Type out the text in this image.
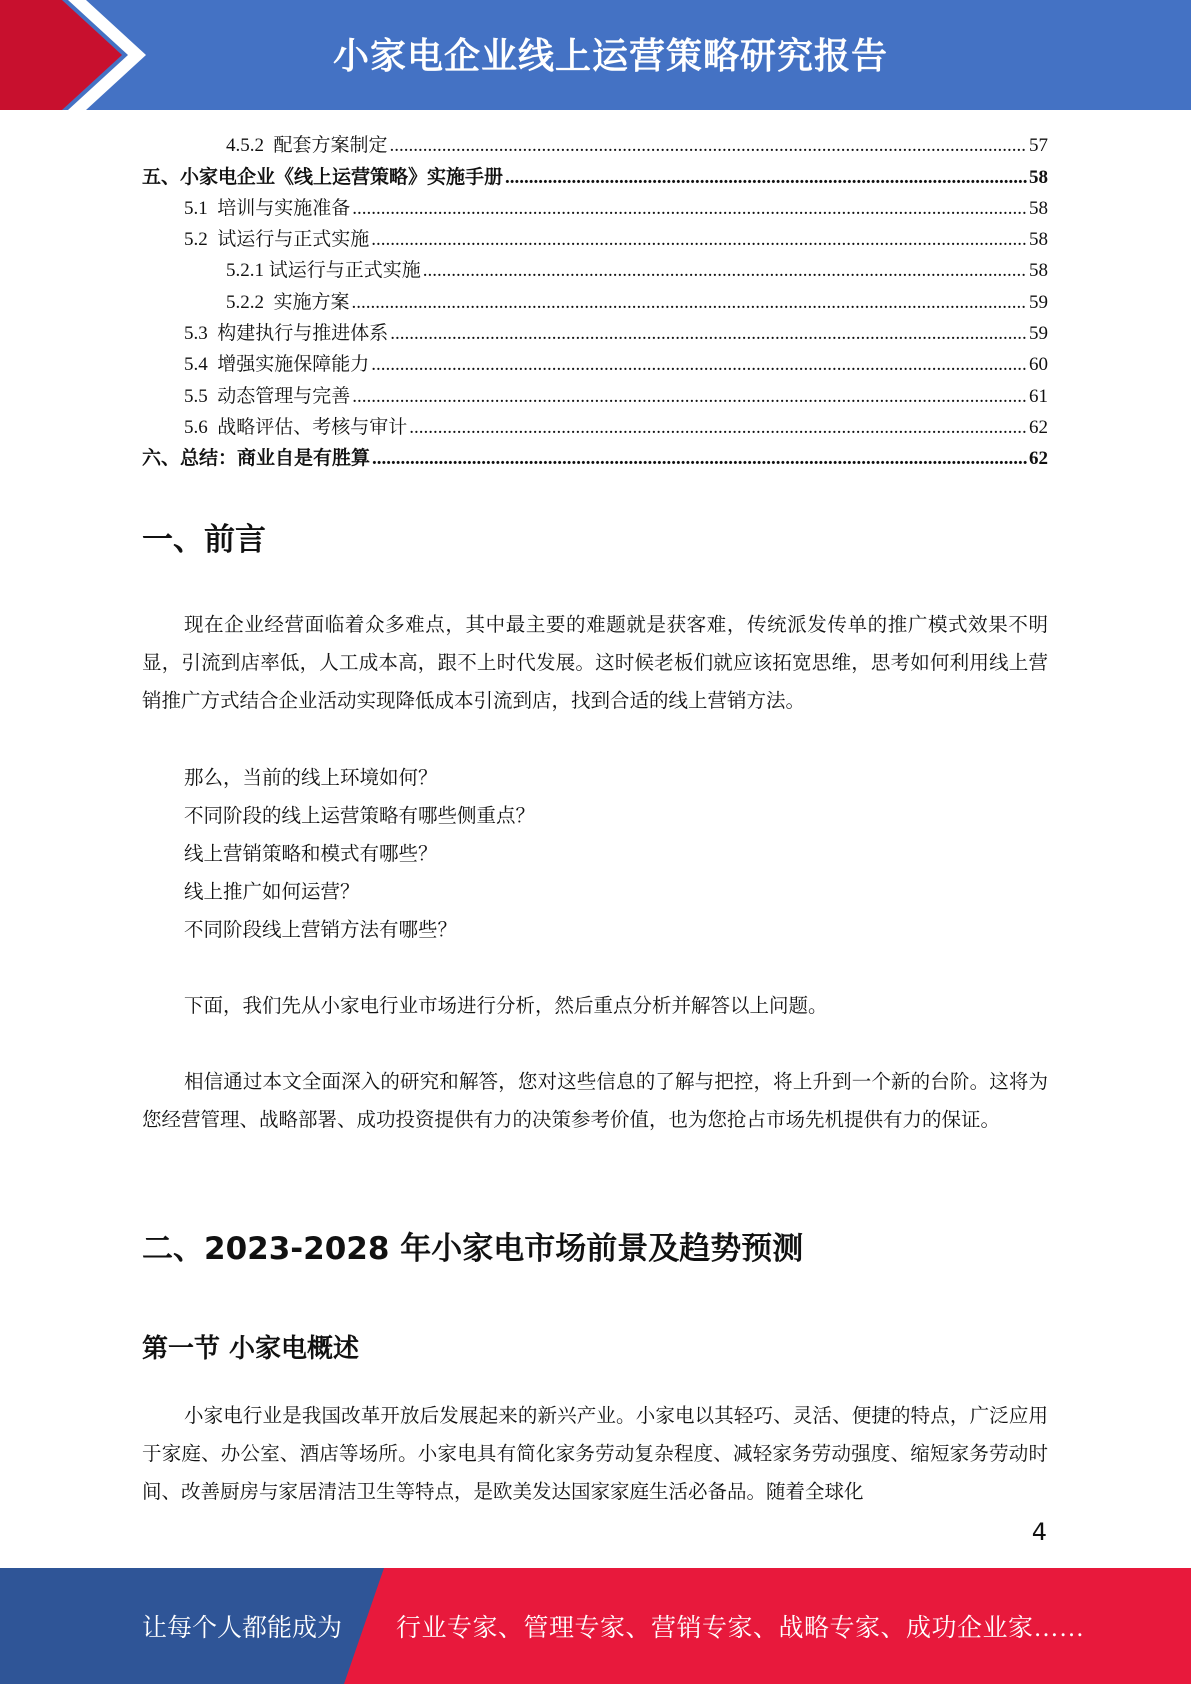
小家电企业线上运营策略研究报告
4.5.2  配套方案制定 .....	57
五、小家电企业《线上运营策略》实施手册 .....	58
5.1  培训与实施准备 .....	58
5.2  试运行与正式实施 .....	58
5.2.1 试运行与正式实施 .....	58
5.2.2  实施方案 .....	59
5.3  构建执行与推进体系 .....	59
5.4  增强实施保障能力 .....	60
5.5  动态管理与完善 .....	61
5.6  战略评估、考核与审计 .....	62
六、总结：商业自是有胜算 .....	62
一、前言
现在企业经营面临着众多难点，其中最主要的难题就是获客难，传统派发传单的推广模式效果不明显，引流到店率低，人工成本高，跟不上时代发展。这时候老板们就应该拓宽思维，思考如何利用线上营销推广方式结合企业活动实现降低成本引流到店，找到合适的线上营销方法。
那么，当前的线上环境如何？
不同阶段的线上运营策略有哪些侧重点？
线上营销策略和模式有哪些？
线上推广如何运营？
不同阶段线上营销方法有哪些？
下面，我们先从小家电行业市场进行分析，然后重点分析并解答以上问题。
相信通过本文全面深入的研究和解答，您对这些信息的了解与把控，将上升到一个新的台阶。这将为您经营管理、战略部署、成功投资提供有力的决策参考价值，也为您抢占市场先机提供有力的保证。
二、2023-2028 年小家电市场前景及趋势预测
第一节 小家电概述
小家电行业是我国改革开放后发展起来的新兴产业。小家电以其轻巧、灵活、便捷的特点，广泛应用于家庭、办公室、酒店等场所。小家电具有简化家务劳动复杂程度、减轻家务劳动强度、缩短家务劳动时间、改善厨房与家居清洁卫生等特点，是欧美发达国家家庭生活必备品。随着全球化
4
让每个人都能成为 行业专家、管理专家、营销专家、战略专家、成功企业家……
